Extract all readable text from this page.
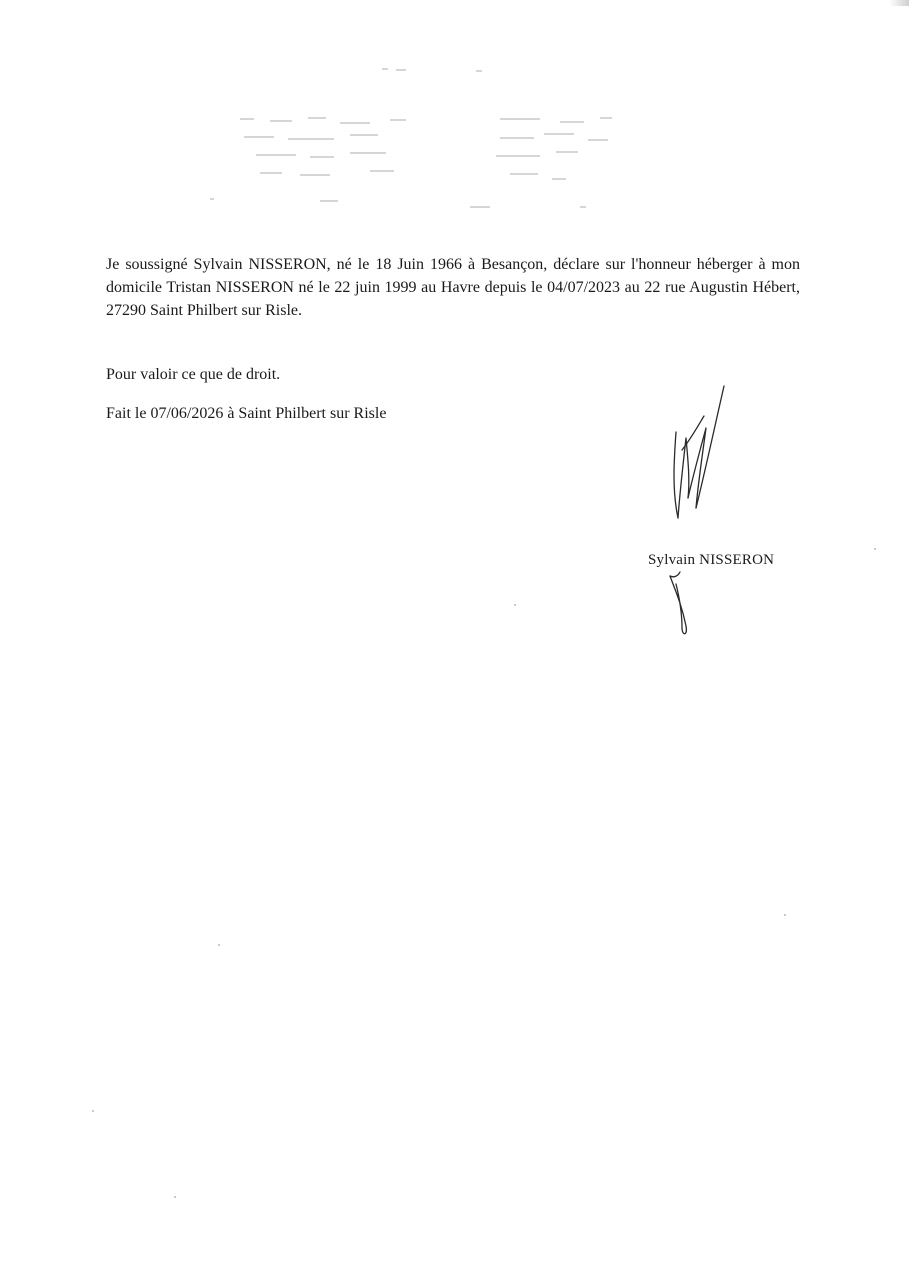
Je soussigné Sylvain NISSERON, né le 18 Juin 1966 à Besançon, déclare sur l'honneur héberger à mon domicile Tristan NISSERON né le 22 juin 1999 au Havre depuis le 04/07/2023 au 22 rue Augustin Hébert, 27290 Saint Philbert sur Risle.

Pour valoir ce que de droit.

Fait le 07/06/2026 à Saint Philbert sur Risle

Sylvain NISSERON
